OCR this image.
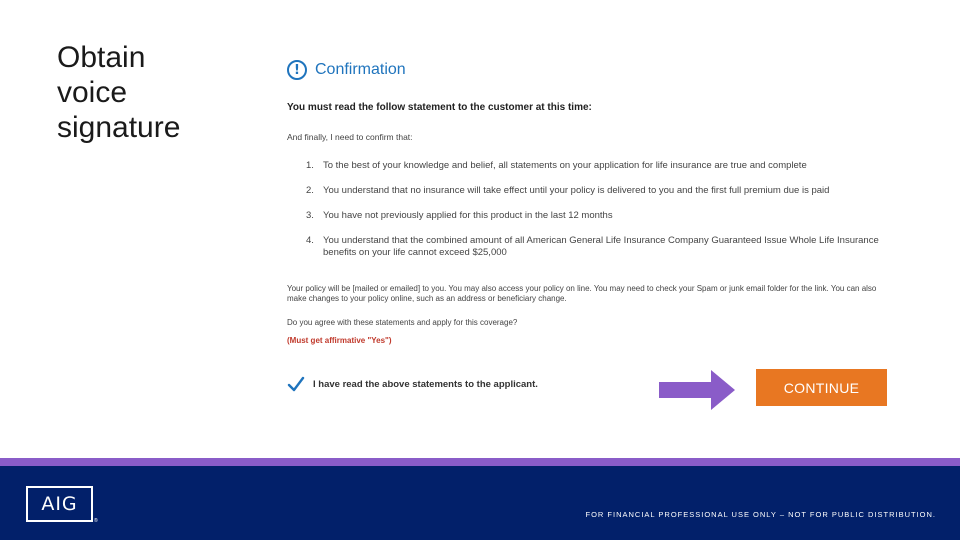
Obtain
voice
signature
! Confirmation
You must read the follow statement to the customer at this time:
And finally, I need to confirm that:
1. To the best of your knowledge and belief, all statements on your application for life insurance are true and complete
2. You understand that no insurance will take effect until your policy is delivered to you and the first full premium due is paid
3. You have not previously applied for this product in the last 12 months
4. You understand that the combined amount of all American General Life Insurance Company Guaranteed Issue Whole Life Insurance benefits on your life cannot exceed $25,000
Your policy will be [mailed or emailed] to you. You may also access your policy on line. You may need to check your Spam or junk email folder for the link. You can also make changes to your policy online, such as an address or beneficiary change.
Do you agree with these statements and apply for this coverage?
(Must get affirmative "Yes")
I have read the above statements to the applicant.	CONTINUE
AIG
®
FOR FINANCIAL PROFESSIONAL USE ONLY – NOT FOR PUBLIC DISTRIBUTION.
